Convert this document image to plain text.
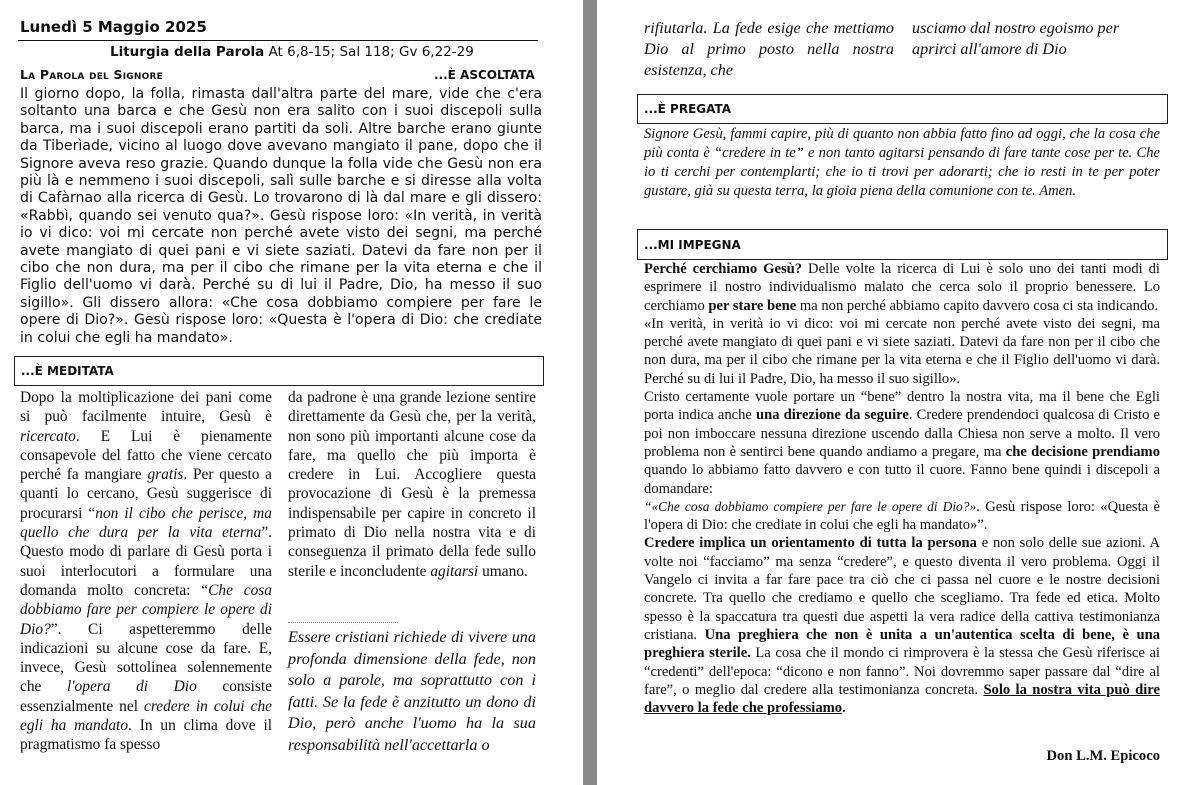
Lunedì 5 Maggio 2025
Liturgia della Parola At 6,8-15; Sal 118; Gv 6,22-29
La Parola del Signore	...È ASCOLTATA
Il giorno dopo, la folla, rimasta dall'altra parte del mare, vide che c'era soltanto una barca e che Gesù non era salito con i suoi discepoli sulla barca, ma i suoi discepoli erano partiti da soli. Altre barche erano giunte da Tiberìade, vicino al luogo dove avevano mangiato il pane, dopo che il Signore aveva reso grazie. Quando dunque la folla vide che Gesù non era più là e nemmeno i suoi discepoli, salì sulle barche e si diresse alla volta di Cafàrnao alla ricerca di Gesù. Lo trovarono di là dal mare e gli dissero: «Rabbì, quando sei venuto qua?». Gesù rispose loro: «In verità, in verità io vi dico: voi mi cercate non perché avete visto dei segni, ma perché avete mangiato di quei pani e vi siete saziati. Datevi da fare non per il cibo che non dura, ma per il cibo che rimane per la vita eterna e che il Figlio dell'uomo vi darà. Perché su di lui il Padre, Dio, ha messo il suo sigillo». Gli dissero allora: «Che cosa dobbiamo compiere per fare le opere di Dio?». Gesù rispose loro: «Questa è l'opera di Dio: che crediate in colui che egli ha mandato».
...È MEDITATA
Dopo la moltiplicazione dei pani come si può facilmente intuire, Gesù è ricercato. E Lui è pienamente consapevole del fatto che viene cercato perché fa mangiare gratis. Per questo a quanti lo cercano, Gesù suggerisce di procurarsi “non il cibo che perisce, ma quello che dura per la vita eterna”. Questo modo di parlare di Gesù porta i suoi interlocutori a formulare una domanda molto concreta: “Che cosa dobbiamo fare per compiere le opere di Dio?”. Ci aspetteremmo delle indicazioni su alcune cose da fare. E, invece, Gesù sottolinea solennemente che l'opera di Dio consiste essenzialmente nel credere in colui che egli ha mandato. In un clima dove il pragmatismo fa spesso
da padrone è una grande lezione sentire direttamente da Gesù che, per la verità, non sono più importanti alcune cose da fare, ma quello che più importa è credere in Lui. Accogliere questa provocazione di Gesù è la premessa indispensabile per capire in concreto il primato di Dio nella nostra vita e di conseguenza il primato della fede sullo sterile e inconcludente agitarsi umano.
Essere cristiani richiede di vivere una profonda dimensione della fede, non solo a parole, ma soprattutto con i fatti. Se la fede è anzitutto un dono di Dio, però anche l'uomo ha la sua responsabilità nell'accettarla o
rifiutarla. La fede esige che mettiamo Dio al primo posto nella nostra esistenza, che
usciamo dal nostro egoismo per aprirci all'amore di Dio
...È PREGATA
Signore Gesù, fammi capire, più di quanto non abbia fatto fino ad oggi, che la cosa che più conta è “credere in te” e non tanto agitarsi pensando di fare tante cose per te. Che io ti cerchi per contemplarti; che io ti trovi per adorarti; che io resti in te per poter gustare, già su questa terra, la gioia piena della comunione con te. Amen.
...MI IMPEGNA

Perché cerchiamo Gesù? Delle volte la ricerca di Lui è solo uno dei tanti modi di esprimere il nostro individualismo malato che cerca solo il proprio benessere. Lo cerchiamo per stare bene ma non perché abbiamo capito davvero cosa ci sta indicando.

«In verità, in verità io vi dico: voi mi cercate non perché avete visto dei segni, ma perché avete mangiato di quei pani e vi siete saziati. Datevi da fare non per il cibo che non dura, ma per il cibo che rimane per la vita eterna e che il Figlio dell'uomo vi darà. Perché su di lui il Padre, Dio, ha messo il suo sigillo».

Cristo certamente vuole portare un “bene” dentro la nostra vita, ma il bene che Egli porta indica anche una direzione da seguire. Credere prendendoci qualcosa di Cristo e poi non imboccare nessuna direzione uscendo dalla Chiesa non serve a molto. Il vero problema non è sentirci bene quando andiamo a pregare, ma che decisione prendiamo quando lo abbiamo fatto davvero e con tutto il cuore. Fanno bene quindi i discepoli a domandare:

“«Che cosa dobbiamo compiere per fare le opere di Dio?». Gesù rispose loro: «Questa è l'opera di Dio: che crediate in colui che egli ha mandato»”.

Credere implica un orientamento di tutta la persona e non solo delle sue azioni. A volte noi “facciamo” ma senza “credere”, e questo diventa il vero problema. Oggi il Vangelo ci invita a far fare pace tra ciò che ci passa nel cuore e le nostre decisioni concrete. Tra quello che crediamo e quello che scegliamo. Tra fede ed etica. Molto spesso è la spaccatura tra questi due aspetti la vera radice della cattiva testimonianza cristiana. Una preghiera che non è unita a un'autentica scelta di bene, è una preghiera sterile. La cosa che il mondo ci rimprovera è la stessa che Gesù riferisce ai “credenti” dell'epoca: “dicono e non fanno”. Noi dovremmo saper passare dal “dire al fare”, o meglio dal credere alla testimonianza concreta. Solo la nostra vita può dire davvero la fede che professiamo.

Don L.M. Epicoco
